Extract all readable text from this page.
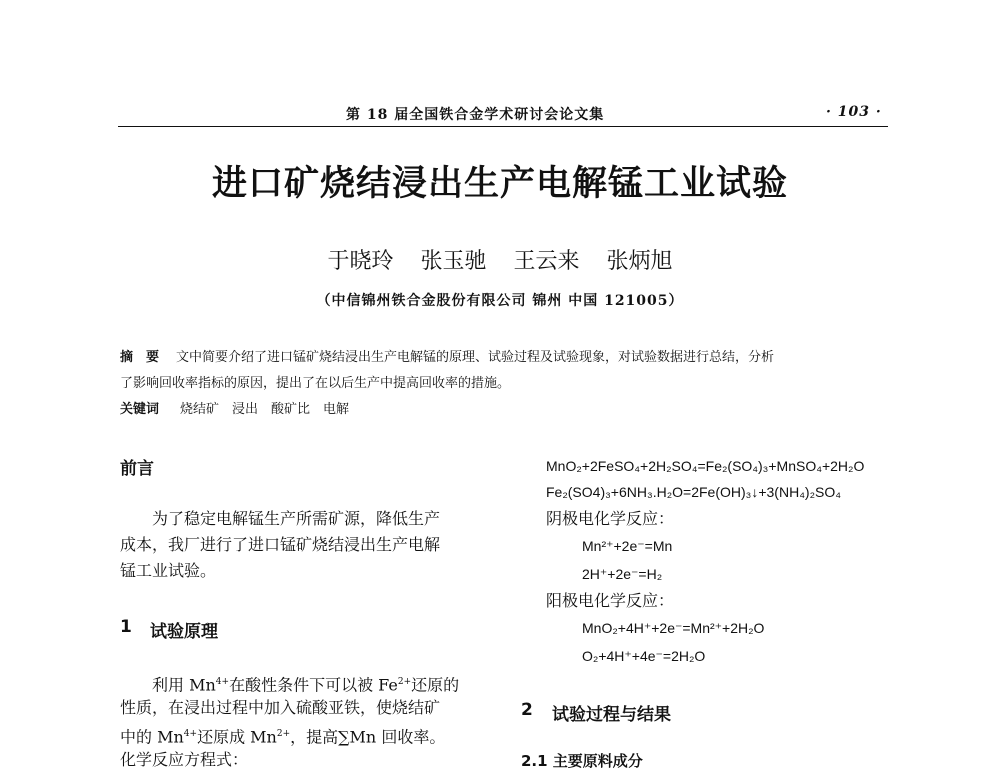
第 18 届全国铁合金学术研讨会论文集	· 103 ·
进口矿烧结浸出生产电解锰工业试验
于晓玲 张玉驰 王云来 张炳旭
（中信锦州铁合金股份有限公司 锦州 中国 121005）
摘　要 文中简要介绍了进口锰矿烧结浸出生产电解锰的原理、试验过程及试验现象，对试验数据进行总结，分析
了影响回收率指标的原因，提出了在以后生产中提高回收率的措施。
关键词 烧结矿　浸出　酸矿比　电解
前言
为了稳定电解锰生产所需矿源，降低生产
成本，我厂进行了进口锰矿烧结浸出生产电解
锰工业试验。
1 试验原理
利用 $Mn^{4+}$在酸性条件下可以被 $Fe^{2+}$还原的
性质，在浸出过程中加入硫酸亚铁，使烧结矿
中的 $Mn^{4+}$还原成 $Mn^{2+}$，提高∑Mn 回收率。
化学反应方程式：
MnO₂+2FeSO₄+2H₂SO₄=Fe₂(SO₄)₃+MnSO₄+2H₂O
Fe₂(SO4)₃+6NH₃.H₂O=2Fe(OH)₃↓+3(NH₄)₂SO₄
阴极电化学反应：
Mn²⁺+2e⁻=Mn
2H⁺+2e⁻=H₂
阳极电化学反应：
MnO₂+4H⁺+2e⁻=Mn²⁺+2H₂O
O₂+4H⁺+4e⁻=2H₂O
2 试验过程与结果
2.1 主要原料成分
